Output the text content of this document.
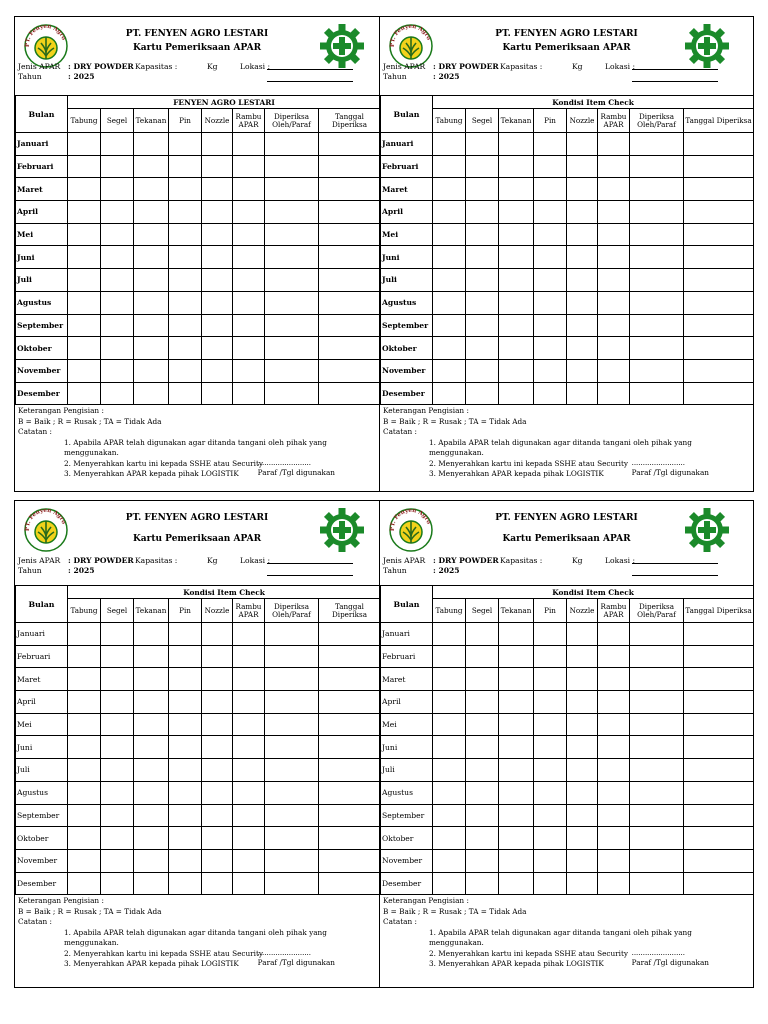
PT. Fenyen Agro	PT. FENYEN AGRO LESTARI
Kartu Pemeriksaan APAR
Jenis APAR : DRY POWDER Kapasitas :	Kg	Lokasi :
Tahun	: 2025
Bulan	FENYEN AGRO LESTARI							
	Tabung	Segel	Tekanan	Pin	Nozzle	Rambu APAR	Diperiksa Oleh/Paraf	Tanggal Diperiksa
Januari								
Februari								
Maret								
April								
Mei								
Juni								
Juli								
Agustus								
September								
Oktober								
November								
Desember								
Keterangan Pengisian :
B = Baik ; R = Rusak ; TA = Tidak Ada
Catatan :
1. Apabila APAR telah digunakan agar ditanda tangani oleh pihak yang menggunakan.
2. Menyerahkan kartu ini kepada SSHE atau Security
3. Menyerahkan APAR kepada pihak LOGISTIK
........................
Paraf /Tgl digunakan
PT. Fenyen Agro	PT. FENYEN AGRO LESTARI
Kartu Pemeriksaan APAR
Jenis APAR : DRY POWDER Kapasitas :	Kg	Lokasi :
Tahun	: 2025
Bulan	Kondisi Item Check							
	Tabung	Segel	Tekanan	Pin	Nozzle	Rambu APAR	Diperiksa Oleh/Paraf	Tanggal Diperiksa
Januari								
Februari								
Maret								
April								
Mei								
Juni								
Juli								
Agustus								
September								
Oktober								
November								
Desember								
Keterangan Pengisian :
B = Baik ; R = Rusak ; TA = Tidak Ada
Catatan :
1. Apabila APAR telah digunakan agar ditanda tangani oleh pihak yang menggunakan.
2. Menyerahkan kartu ini kepada SSHE atau Security
3. Menyerahkan APAR kepada pihak LOGISTIK
........................
Paraf /Tgl digunakan
PT. Fenyen Agro	PT. FENYEN AGRO LESTARI
Kartu Pemeriksaan APAR
Jenis APAR : DRY POWDER Kapasitas :	Kg	Lokasi :
Tahun	: 2025
Bulan	Kondisi Item Check							
	Tabung	Segel	Tekanan	Pin	Nozzle	Rambu APAR	Diperiksa Oleh/Paraf	Tanggal Diperiksa
Januari								
Februari								
Maret								
April								
Mei								
Juni								
Juli								
Agustus								
September								
Oktober								
November								
Desember								
Keterangan Pengisian :
B = Baik ; R = Rusak ; TA = Tidak Ada
Catatan :
1. Apabila APAR telah digunakan agar ditanda tangani oleh pihak yang menggunakan.
2. Menyerahkan kartu ini kepada SSHE atau Security
3. Menyerahkan APAR kepada pihak LOGISTIK
........................
Paraf /Tgl digunakan
PT. Fenyen Agro	PT. FENYEN AGRO LESTARI
Kartu Pemeriksaan APAR
Jenis APAR : DRY POWDER Kapasitas :	Kg	Lokasi :
Tahun	: 2025
Bulan	Kondisi Item Check							
	Tabung	Segel	Tekanan	Pin	Nozzle	Rambu APAR	Diperiksa Oleh/Paraf	Tanggal Diperiksa
Januari								
Februari								
Maret								
April								
Mei								
Juni								
Juli								
Agustus								
September								
Oktober								
November								
Desember								
Keterangan Pengisian :
B = Baik ; R = Rusak ; TA = Tidak Ada
Catatan :
1. Apabila APAR telah digunakan agar ditanda tangani oleh pihak yang menggunakan.
2. Menyerahkan kartu ini kepada SSHE atau Security
3. Menyerahkan APAR kepada pihak LOGISTIK
........................
Paraf /Tgl digunakan
